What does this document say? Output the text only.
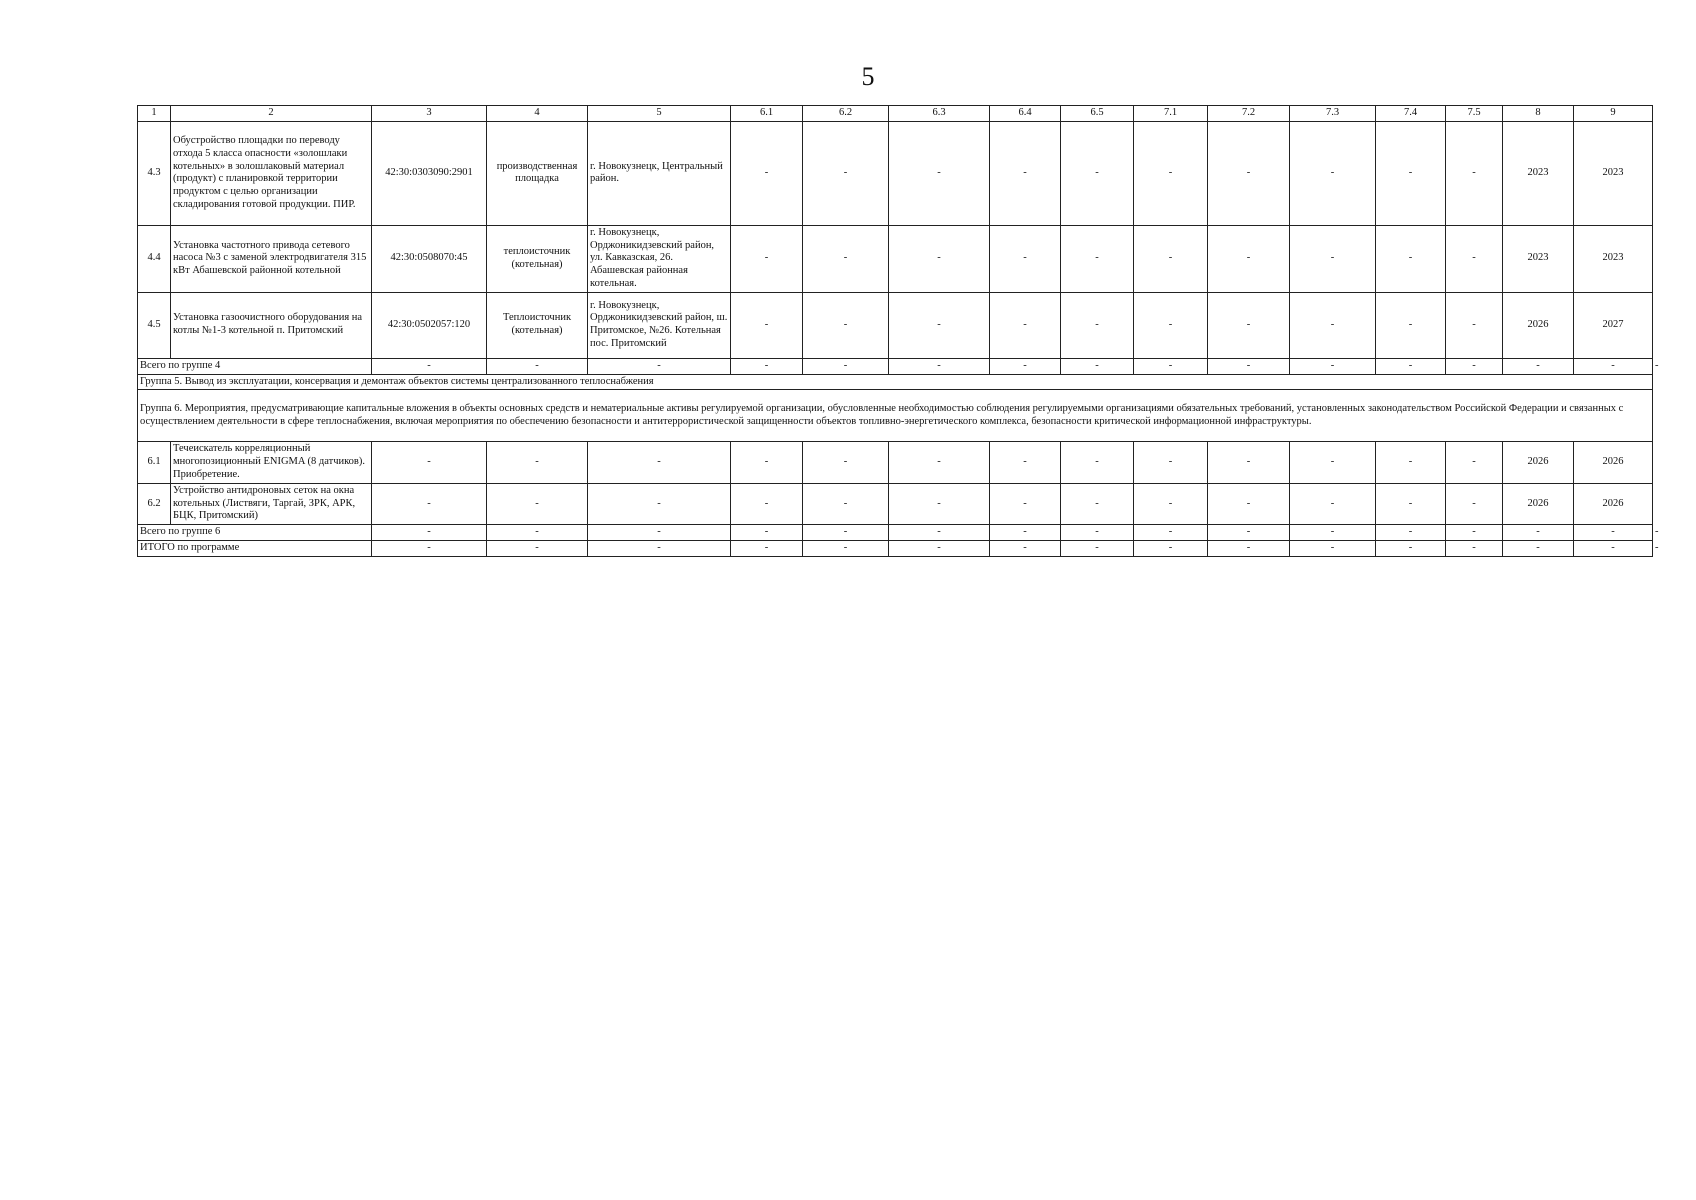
5
1	2	3	4	5	6.1	6.2	6.3	6.4	6.5	7.1	7.2	7.3	7.4	7.5	8	9	
4.3	Обустройство площадки по переводу отхода 5 класса опасности «золошлаки котельных» в золошлаковый материал (продукт) с планировкой территории продуктом с целью организации складирования готовой продукции. ПИР.	42:30:0303090:2901	производственная площадка	г. Новокузнецк, Центральный район.	-	-	-	-	-	-	-	-	-	-	2023	2023	
4.4	Установка частотного привода сетевого насоса №3 с заменой электродвигателя 315 кВт Абашевской районной котельной	42:30:0508070:45	теплоисточник (котельная)	г. Новокузнецк, Орджоникидзевский район, ул. Кавказская, 26. Абашевская районная котельная.	-	-	-	-	-	-	-	-	-	-	2023	2023	
4.5	Установка газоочистного оборудования на котлы №1-3 котельной п. Притомский	42:30:0502057:120	Теплоисточник (котельная)	г. Новокузнецк, Орджоникидзевский район, ш. Притомское, №26. Котельная пос. Притомский	-	-	-	-	-	-	-	-	-	-	2026	2027	
Всего по группе 4		-	-	-	-	-	-	-	-	-	-	-	-	-	-	-	-
Группа 5. Вывод из эксплуатации, консервация и демонтаж объектов системы централизованного теплоснабжения																	
Группа 6. Мероприятия, предусматривающие капитальные вложения в объекты основных средств и нематериальные активы регулируемой организации, обусловленные необходимостью соблюдения регулируемыми организациями обязательных требований, установленных законодательством Российской Федерации и связанных с осуществлением деятельности в сфере теплоснабжения, включая мероприятия по обеспечению безопасности и антитеррористической защищенности объектов топливно-энергетического комплекса, безопасности критической информационной инфраструктуры.																	
6.1	Течеискатель корреляционный многопозиционный ENIGMA (8 датчиков). Приобретение.	-	-	-	-	-	-	-	-	-	-	-	-	-	2026	2026	
6.2	Устройство антидроновых сеток на окна котельных (Листвяги, Таргай, ЗРК, АРК, БЦК, Притомский)	-	-	-	-	-	-	-	-	-	-	-	-	-	2026	2026	
Всего по группе 6		-	-	-	-	-	-	-	-	-	-	-	-	-	-	-	-
ИТОГО по программе		-	-	-	-	-	-	-	-	-	-	-	-	-	-	-	-
